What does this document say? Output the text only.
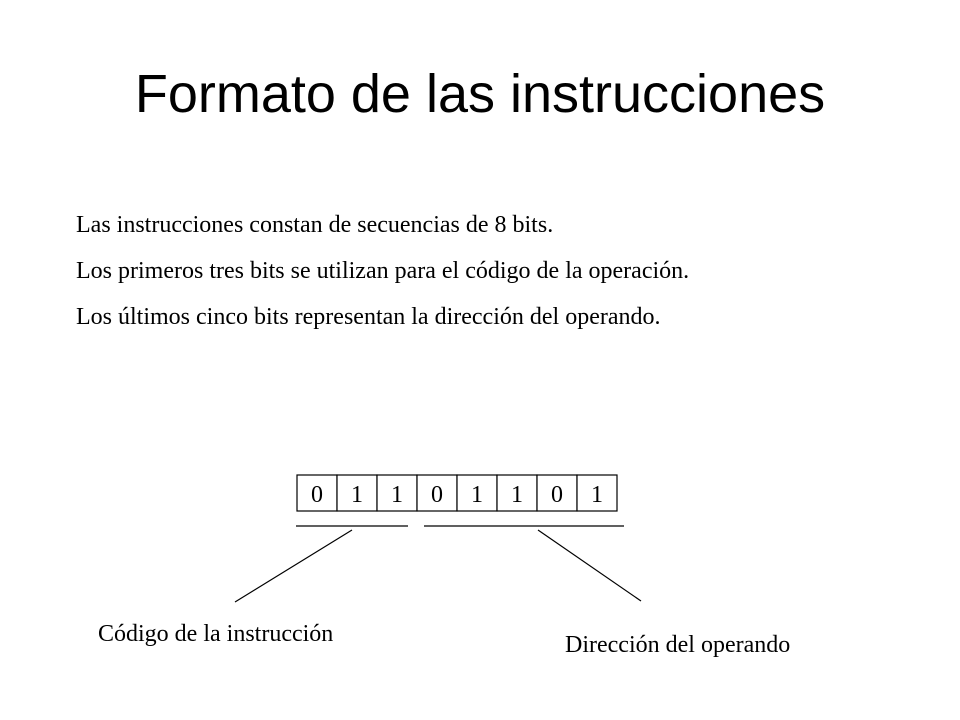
Formato de las instrucciones

Las instrucciones constan de secuencias de 8 bits.

Los primeros tres bits se utilizan para el código de la operación.

Los últimos cinco bits representan la dirección del operando.

0 1 1 0 1 1 0 1
Código de la instrucción	Dirección del operando
